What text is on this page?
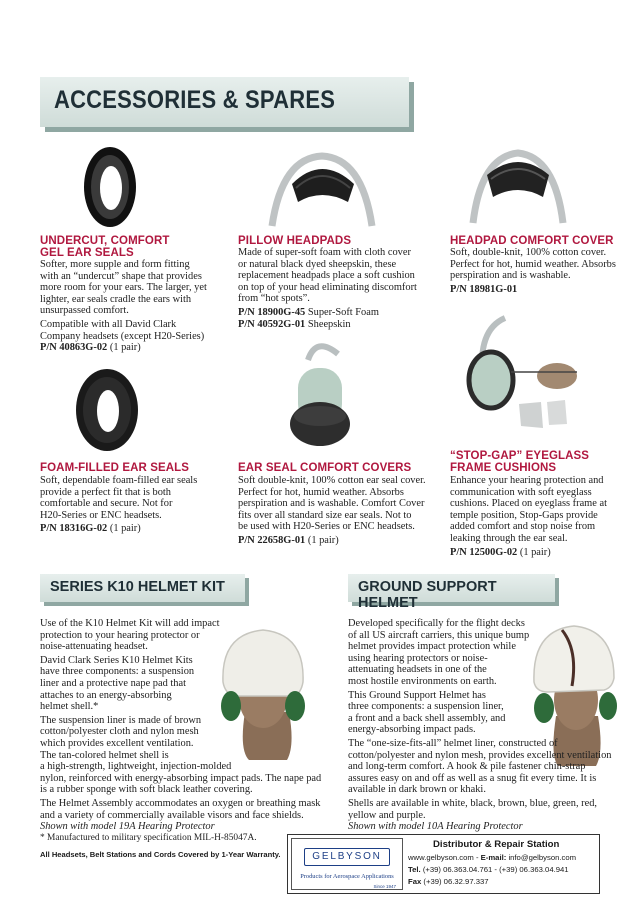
ACCESSORIES & SPARES
UNDERCUT, COMFORT
GEL EAR SEALS
Softer, more supple and form fitting
with an “undercut” shape that provides
more room for your ears. The larger, yet
lighter, ear seals cradle the ears with
unsurpassed comfort.
Compatible with all David Clark
Company headsets (except H20-Series)
P/N 40863G-02 (1 pair)
PILLOW HEADPADS
Made of super-soft foam with cloth cover
or natural black dyed sheepskin, these
replacement headpads place a soft cushion
on top of your head eliminating discomfort
from “hot spots”.
P/N 18900G-45 Super-Soft Foam
P/N 40592G-01 Sheepskin
HEADPAD COMFORT COVER
Soft, double-knit, 100% cotton cover.
Perfect for hot, humid weather. Absorbs
perspiration and is washable.
P/N 18981G-01
FOAM-FILLED EAR SEALS
Soft, dependable foam-filled ear seals
provide a perfect fit that is both
comfortable and secure. Not for
H20-Series or ENC headsets.
P/N 18316G-02 (1 pair)
EAR SEAL COMFORT COVERS
Soft double-knit, 100% cotton ear seal cover.
Perfect for hot, humid weather. Absorbs
perspiration and is washable. Comfort Cover
fits over all standard size ear seals. Not to
be used with H20-Series or ENC headsets.
P/N 22658G-01 (1 pair)
“STOP-GAP” EYEGLASS
FRAME CUSHIONS
Enhance your hearing protection and
communication with soft eyeglass
cushions. Placed on eyeglass frame at
temple position, Stop-Gaps provide
added comfort and stop noise from
leaking through the ear seal.
P/N 12500G-02 (1 pair)
SERIES K10 HELMET KIT	GROUND SUPPORT HELMET
Use of the K10 Helmet Kit will add impact
protection to your hearing protector or
noise-attenuating headset.
David Clark Series K10 Helmet Kits
have three components: a suspension
liner and a protective nape pad that
attaches to an energy-absorbing
helmet shell.*
The suspension liner is made of brown
cotton/polyester cloth and nylon mesh
which provides excellent ventilation.
The tan-colored helmet shell is
a high-strength, lightweight, injection-molded
nylon, reinforced with energy-absorbing impact pads. The nape pad
is a rubber sponge with soft black leather covering.
The Helmet Assembly accommodates an oxygen or breathing mask
and a variety of commercially available visors and face shields.
Shown with model 19A Hearing Protector
* Manufactured to military specification MIL-H-85047A.
Developed specifically for the flight decks
of all US aircraft carriers, this unique bump
helmet provides impact protection while
using hearing protectors or noise-
attenuating headsets in one of the
most hostile environments on earth.
This Ground Support Helmet has
three components: a suspension liner,
a front and a back shell assembly, and
energy-absorbing impact pads.
The “one-size-fits-all” helmet liner, constructed of
cotton/polyester and nylon mesh, provides excellent ventilation
and long-term comfort. A hook & pile fastener chin-strap
assures easy on and off as well as a snug fit every time. It is
available in dark brown or khaki.
Shells are available in white, black, brown, blue, green, red,
yellow and purple.
Shown with model 10A Hearing Protector
All Headsets, Belt Stations and Cords Covered by 1-Year Warranty.	GELBYSON
Products for Aerospace Applications
Since 1947
Distributor & Repair Station
www.gelbyson.com - E-mail: info@gelbyson.com
Tel. (+39) 06.363.04.761 - (+39) 06.363.04.941
Fax (+39) 06.32.97.337
